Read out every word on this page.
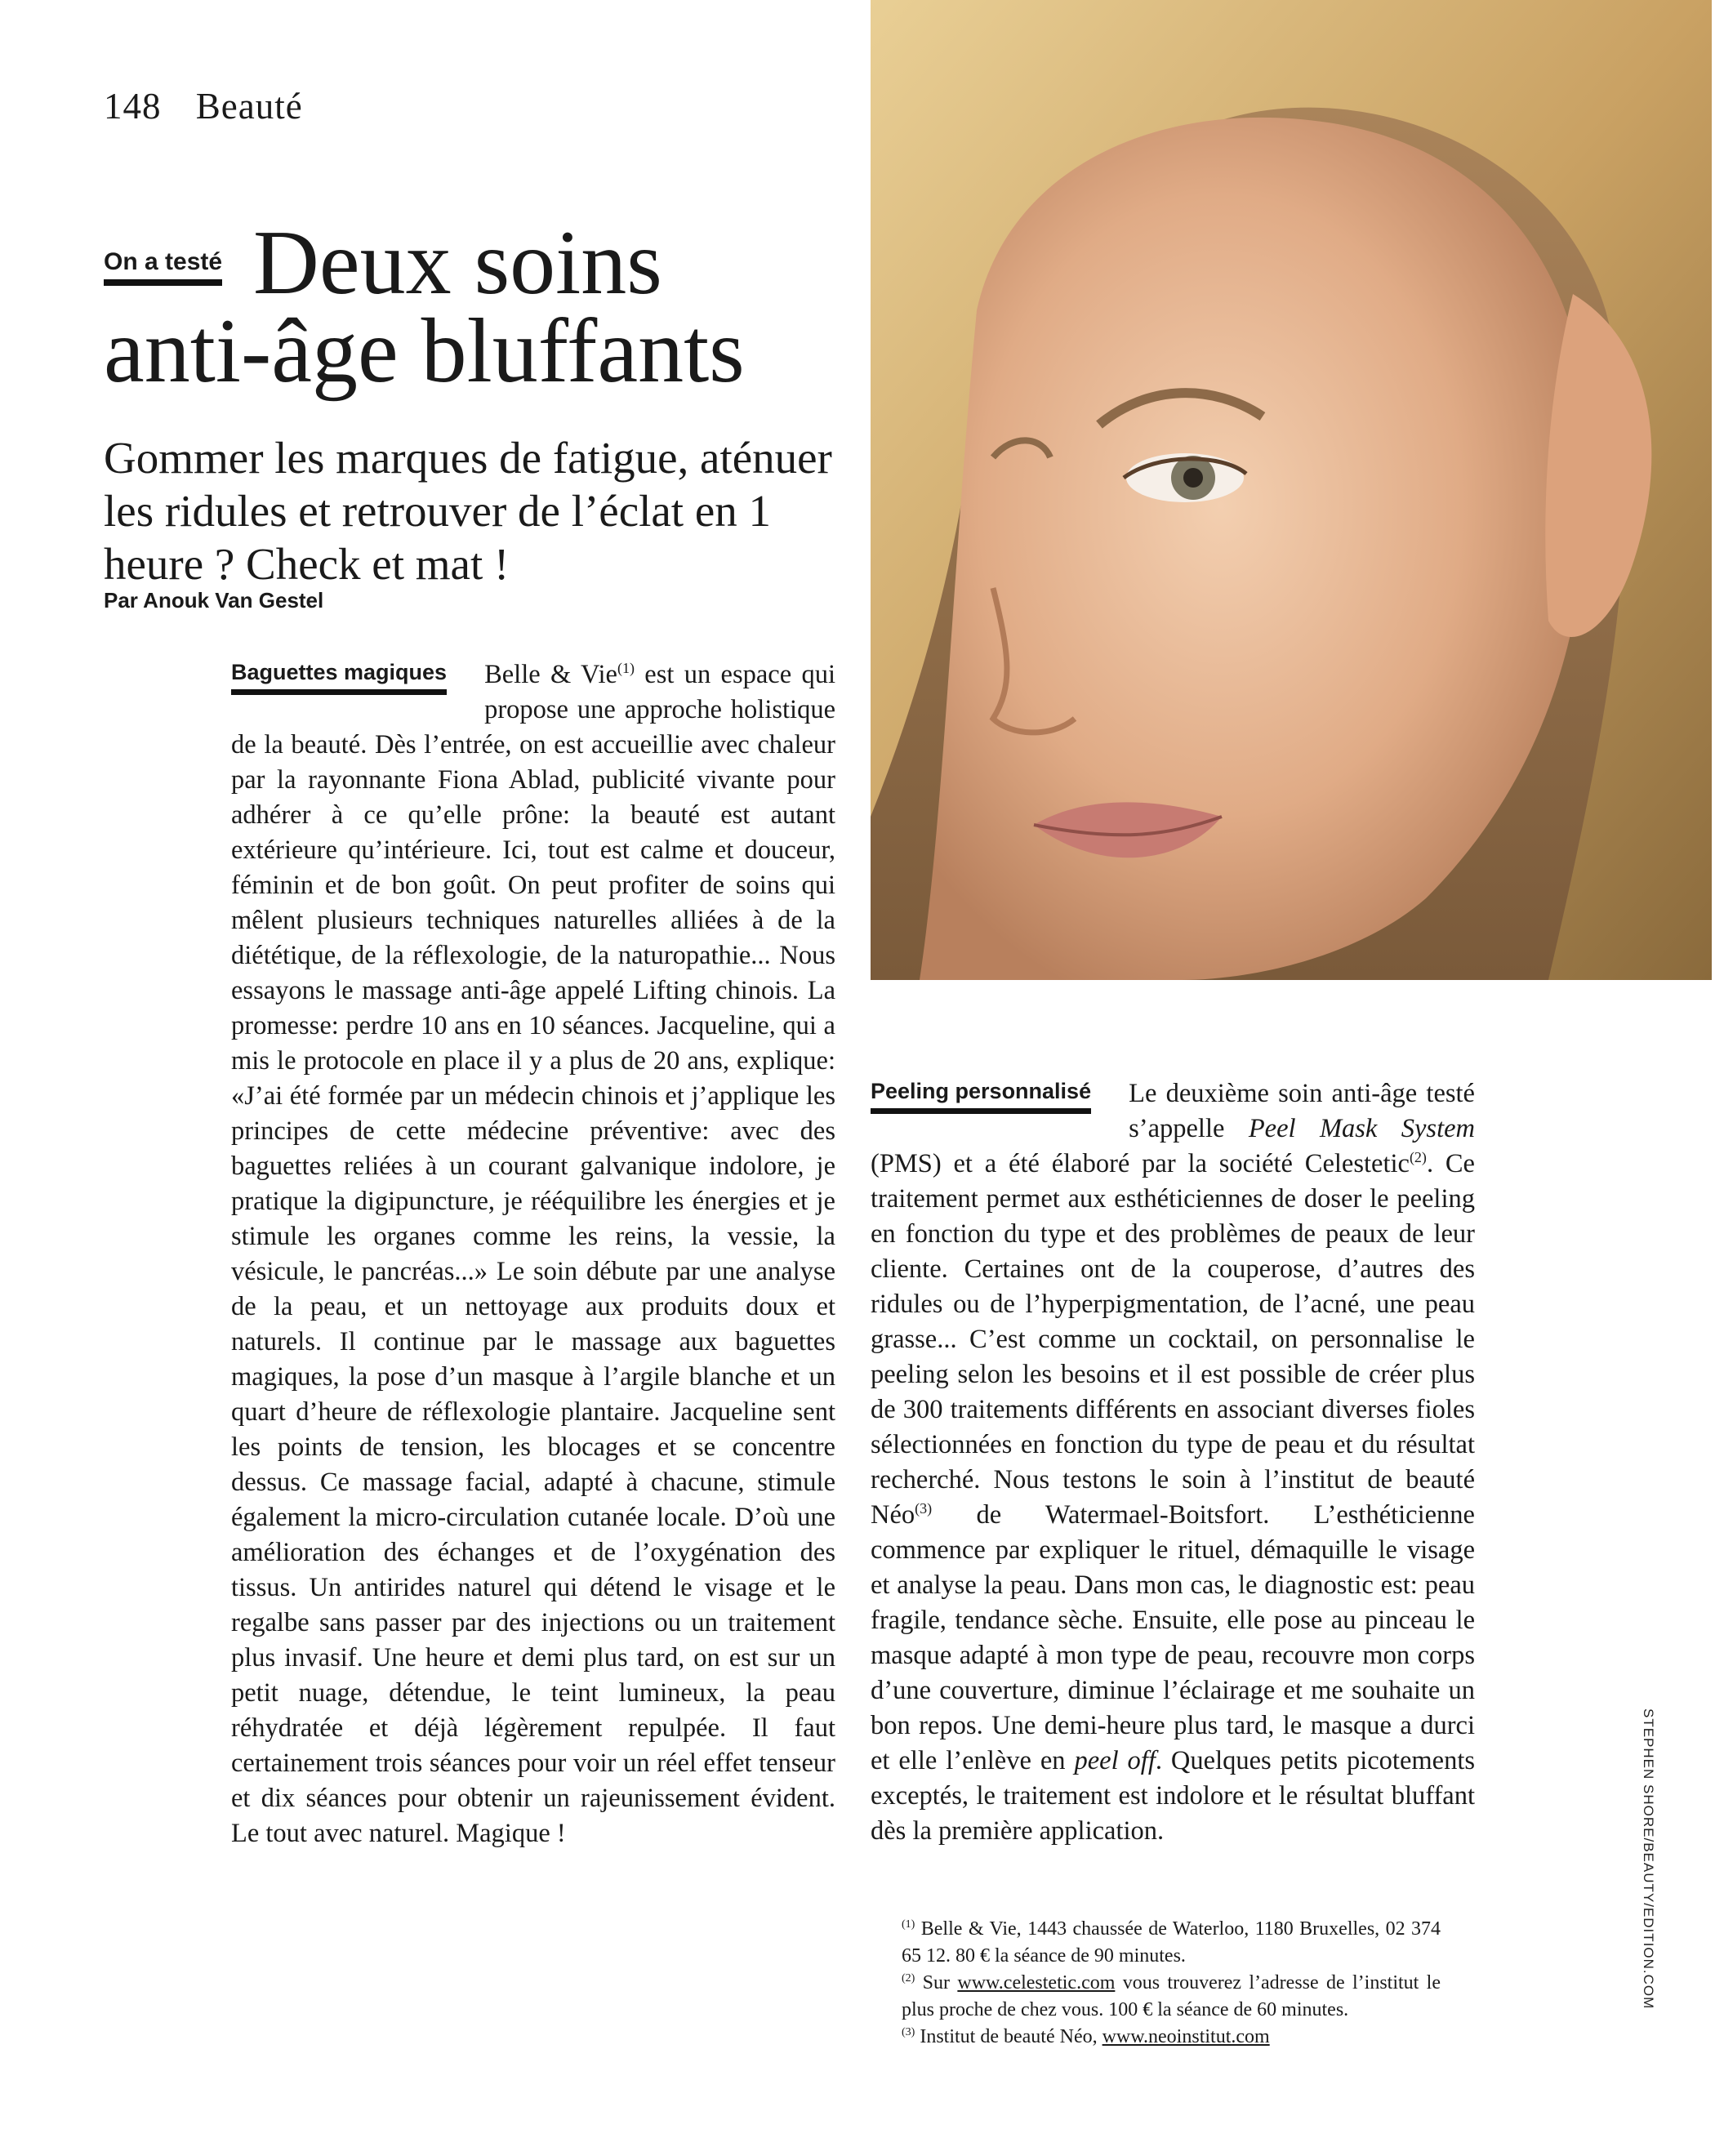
148 Beauté
Deux soins
anti-âge bluffants
On a testé
Gommer les marques de fatigue, aténuer les ridules et retrouver de l’éclat en 1 heure ? Check et mat !
Par Anouk Van Gestel
Baguettes magiques	Belle & Vie$^{(1)}$ est un espace qui propose une approche holistique de la beauté. Dès l’entrée, on est accueillie avec chaleur par la rayonnante Fiona Ablad, publicité vivante pour adhérer à ce qu’elle prône: la beauté est autant extérieure qu’intérieure. Ici, tout est calme et douceur, féminin et de bon goût. On peut profiter de soins qui mêlent plusieurs techniques naturelles alliées à de la diététique, de la réflexologie, de la naturopathie... Nous essayons le massage anti-âge appelé Lifting chinois. La promesse: perdre 10 ans en 10 séances. Jacqueline, qui a mis le protocole en place il y a plus de 20 ans, explique: «J’ai été formée par un médecin chinois et j’applique les principes de cette médecine préventive: avec des baguettes reliées à un courant galvanique indolore, je pratique la digipuncture, je rééquilibre les énergies et je stimule les organes comme les reins, la vessie, la vésicule, le pancréas...» Le soin débute par une analyse de la peau, et un nettoyage aux produits doux et naturels. Il continue par le massage aux baguettes magiques, la pose d’un masque à l’argile blanche et un quart d’heure de réflexologie plantaire. Jacqueline sent les points de tension, les blocages et se concentre dessus. Ce massage facial, adapté à chacune, stimule également la micro-circulation cutanée locale. D’où une amélioration des échanges et de l’oxygénation des tissus. Un antirides naturel qui détend le visage et le regalbe sans passer par des injections ou un traitement plus invasif. Une heure et demi plus tard, on est sur un petit nuage, détendue, le teint lumineux, la peau réhydratée et déjà légèrement repulpée. Il faut certainement trois séances pour voir un réel effet tenseur et dix séances pour obtenir un rajeunissement évident. Le tout avec naturel. Magique !

Peeling personnalisé	Le deuxième soin anti-âge testé s’appelle Peel Mask System (PMS) et a été élaboré par la société Celestetic$^{(2)}$. Ce traitement permet aux esthéticiennes de doser le peeling en fonction du type et des problèmes de peaux de leur cliente. Certaines ont de la couperose, d’autres des ridules ou de l’hyperpigmentation, de l’acné, une peau grasse... C’est comme un cocktail, on personnalise le peeling selon les besoins et il est possible de créer plus de 300 traitements différents en associant diverses fioles sélectionnées en fonction du type de peau et du résultat recherché. Nous testons le soin à l’institut de beauté Néo$^{(3)}$ de Watermael-Boitsfort. L’esthéticienne commence par expliquer le rituel, démaquille le visage et analyse la peau. Dans mon cas, le diagnostic est: peau fragile, tendance sèche. Ensuite, elle pose au pinceau le masque adapté à mon type de peau, recouvre mon corps d’une couverture, diminue l’éclairage et me souhaite un bon repos. Une demi-heure plus tard, le masque a durci et elle l’enlève en peel off. Quelques petits picotements exceptés, le traitement est indolore et le résultat bluffant dès la première application.

$^{(1)}$ Belle & Vie, 1443 chaussée de Waterloo, 1180 Bruxelles, 02 374 65 12. 80 € la séance de 90 minutes.

$^{(2)}$ Sur www.celestetic.com vous trouverez l’adresse de l’institut le plus proche de chez vous. 100 € la séance de 60 minutes.

$^{(3)}$ Institut de beauté Néo, www.neoinstitut.com

STEPHEN SHORE/BEAUTY/EDITION.COM
